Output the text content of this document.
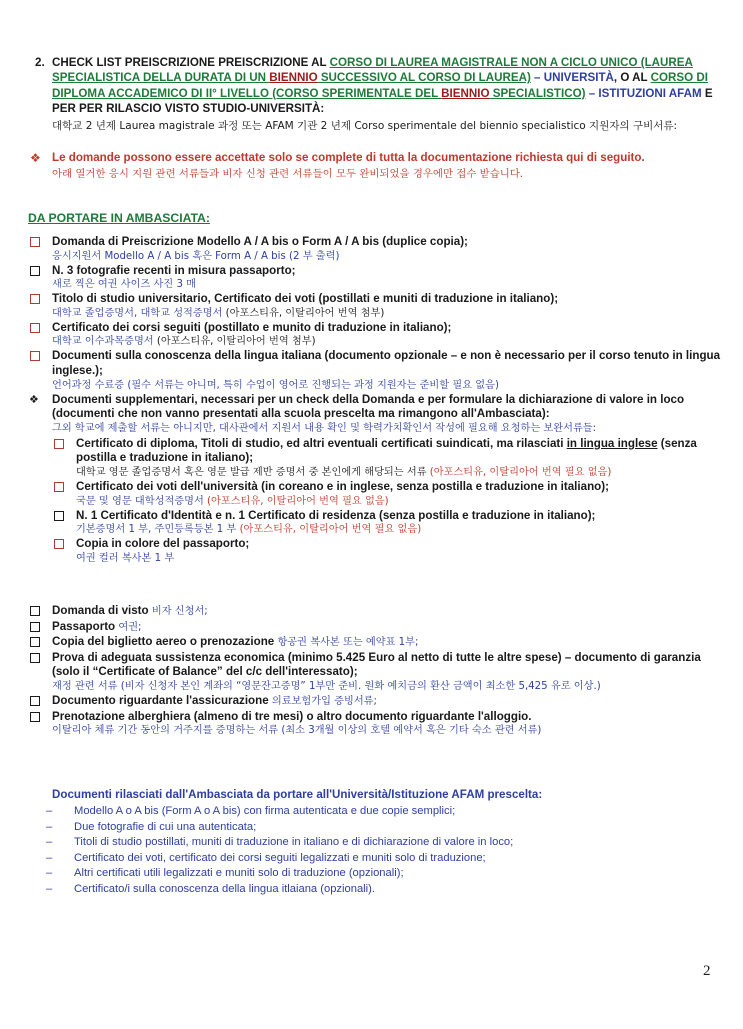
2. CHECK LIST PREISCRIZIONE PREISCRIZIONE AL CORSO DI LAUREA MAGISTRALE NON A CICLO UNICO (LAUREA SPECIALISTICA DELLA DURATA DI UN BIENNIO SUCCESSIVO AL CORSO DI LAUREA) – UNIVERSITÀ, O AL CORSO DI DIPLOMA ACCADEMICO DI II° LIVELLO (CORSO SPERIMENTALE DEL BIENNIO SPECIALISTICO) – ISTITUZIONI AFAM E PER PER RILASCIO VISTO STUDIO-UNIVERSITÀ:
대학교 2 년제 Laurea magistrale 과정 또는 AFAM 기관 2 년제 Corso sperimentale del biennio specialistico 지원자의 구비서류:
❖ Le domande possono essere accettate solo se complete di tutta la documentazione richiesta qui di seguito.
아래 열거한 응시 지원 관련 서류들과 비자 신청 관련 서류들이 모두 완비되었을 경우에만 접수 받습니다.
DA PORTARE IN AMBASCIATA:
Domanda di Preiscrizione Modello A / A bis o Form A / A bis (duplice copia);
응시지원서 Modello A / A bis 혹은 Form A / A bis (2 부 출력)
N. 3 fotografie recenti in misura passaporto;
새로 찍은 여권 사이즈 사진 3 매
Titolo di studio universitario, Certificato dei voti (postillati e muniti di traduzione in italiano);
대학교 졸업증명서, 대학교 성적증명서 (아포스티유, 이탈리아어 번역 첨부)
Certificato dei corsi seguiti (postillato e munito di traduzione in italiano);
대학교 이수과목증명서 (아포스티유, 이탈리아어 번역 첨부)
Documenti sulla conoscenza della lingua italiana (documento opzionale – e non è necessario per il corso tenuto in lingua inglese.);
언어과정 수료증 (필수 서류는 아니며, 특히 수업이 영어로 진행되는 과정 지원자는 준비할 필요 없음)
❖ Documenti supplementari, necessari per un check della Domanda e per formulare la dichiarazione di valore in loco (documenti che non vanno presentati alla scuola prescelta ma rimangono all'Ambasciata):
그외 학교에 제출할 서류는 아니지만, 대사관에서 지원서 내용 확인 및 학력가치확인서 작성에 필요해 요청하는 보완서류들:
Certificato di diploma, Titoli di studio, ed altri eventuali certificati suindicati, ma rilasciati in lingua inglese (senza postilla e traduzione in italiano);
대학교 영문 졸업증명서 혹은 영문 발급 제반 증명서 중 본인에게 해당되는 서류 (아포스티유, 이탈리아어 번역 필요 없음)
Certificato dei voti dell'università (in coreano e in inglese, senza postilla e traduzione in italiano);
국문 및 영문 대학성적증명서 (아포스티유, 이탈리아어 번역 필요 없음)
N. 1 Certificato d'Identità e n. 1 Certificato di residenza (senza postilla e traduzione in italiano);
기본증명서 1 부, 주민등록등본 1 부 (아포스티유, 이탈리아어 번역 필요 없음)
Copia in colore del passaporto;
여권 컬러 복사본 1 부
Domanda di visto 비자 신청서;
Passaporto 여권;
Copia del biglietto aereo o prenozazione 항공권 복사본 또는 예약표 1부;
Prova di adeguata sussistenza economica (minimo 5.425 Euro al netto di tutte le altre spese) – documento di garanzia (solo il “Certificate of Balance” del c/c dell'interessato);
재정 관련 서류 (비자 신청자 본인 계좌의 “영문잔고증명” 1부만 준비. 원화 예치금의 환산 금액이 최소한 5,425 유로 이상.)
Documento riguardante l'assicurazione 의료보험가입 증빙서류;
Prenotazione alberghiera (almeno di tre mesi) o altro documento riguardante l'alloggio.
이탈리아 체류 기간 동안의 거주지를 증명하는 서류 (최소 3개월 이상의 호텔 예약서 혹은 기타 숙소 관련 서류)
Documenti rilasciati dall'Ambasciata da portare all'Università/Istituzione AFAM prescelta:
– Modello A o A bis (Form A o A bis) con firma autenticata e due copie semplici;
– Due fotografie di cui una autenticata;
– Titoli di studio postillati, muniti di traduzione in italiano e di dichiarazione di valore in loco;
– Certificato dei voti, certificato dei corsi seguiti legalizzati e muniti solo di traduzione;
– Altri certificati utili legalizzati e muniti solo di traduzione (opzionali);
– Certificato/i sulla conoscenza della lingua itlaiana (opzionali).
2
